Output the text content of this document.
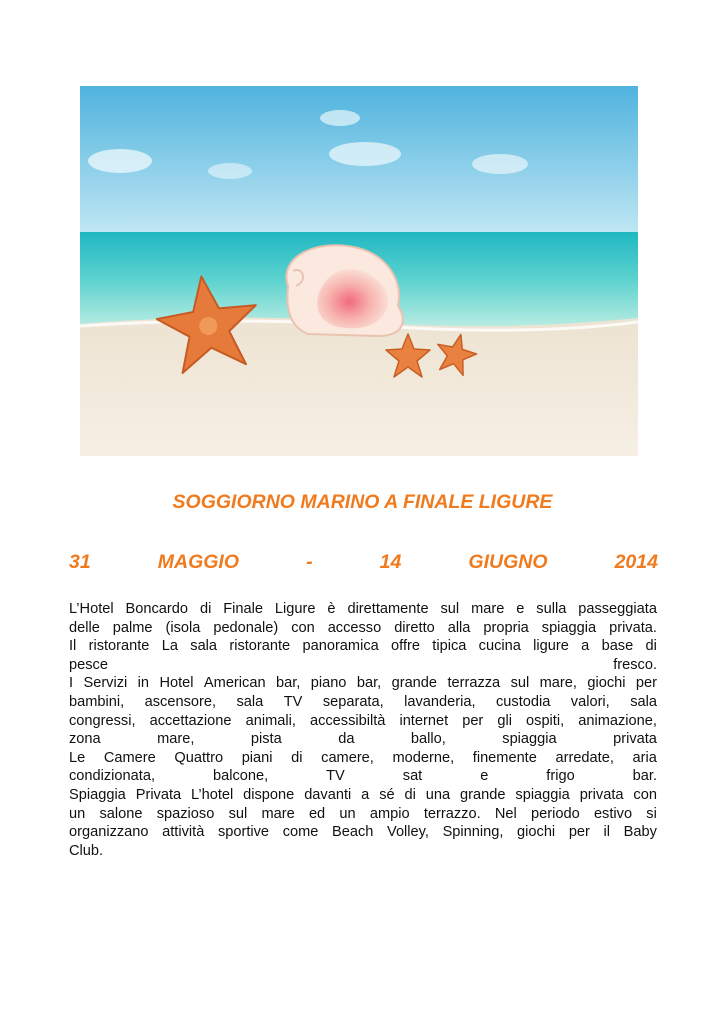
SOGGIORNO MARINO A FINALE LIGURE
31	MAGGIO	-	14	GIUGNO	2014
L’Hotel Boncardo di Finale Ligure è direttamente sul mare e sulla passeggiata
delle palme (isola pedonale) con accesso diretto alla propria spiaggia privata.
Il ristorante La sala ristorante panoramica offre tipica cucina ligure a base di
pesce	fresco.
I Servizi in Hotel American bar, piano bar, grande terrazza sul mare, giochi per
bambini, ascensore, sala TV separata, lavanderia, custodia valori, sala
congressi, accettazione animali, accessibiltà internet per gli ospiti, animazione,
zona	mare,	pista	da	ballo,	spiaggia	privata
Le Camere Quattro piani di camere, moderne, finemente arredate, aria
condizionata,	balcone,	TV	sat	e	frigo	bar.
Spiaggia Privata L’hotel dispone davanti a sé di una grande spiaggia privata con
un salone spazioso sul mare ed un ampio terrazzo. Nel periodo estivo si
organizzano attività sportive come Beach Volley, Spinning, giochi per il Baby
Club.
